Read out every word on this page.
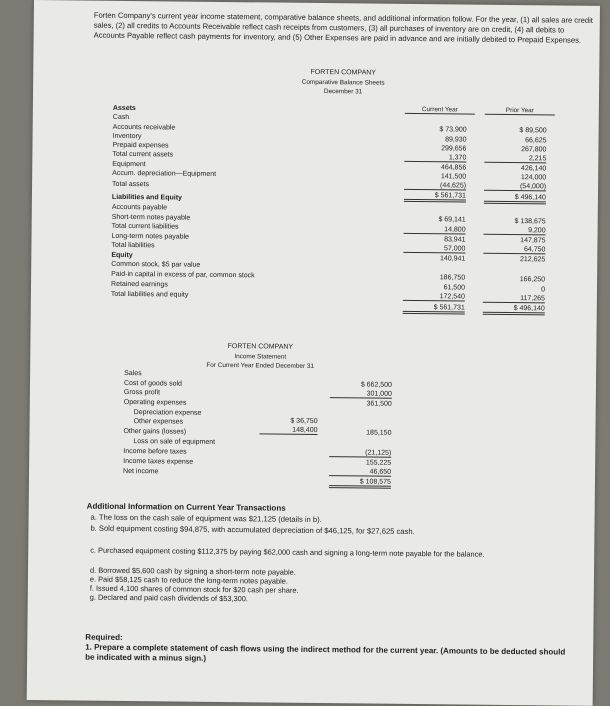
Forten Company's current year income statement, comparative balance sheets, and additional information follow. For the year, (1) all sales are credit sales, (2) all credits to Accounts Receivable reflect cash receipts from customers, (3) all purchases of inventory are on credit, (4) all debits to Accounts Payable reflect cash payments for inventory, and (5) Other Expenses are paid in advance and are initially debited to Prepaid Expenses.
FORTEN COMPANY
Comparative Balance Sheets
December 31
Current Year	Prior Year
Assets
Cash
$ 73,900	$ 89,500
Accounts receivable
89,930	66,625
Inventory
299,656	267,800
Prepaid expenses
1,370	2,215
Total current assets
464,856	426,140
Equipment
141,500	124,000
Accum. depreciation—Equipment
(44,625)	(54,000)
Total assets
$ 561,731	$ 496,140
Liabilities and Equity
Accounts payable
$ 69,141	$ 138,675
Short-term notes payable
14,800	9,200
Total current liabilities
83,941	147,875
Long-term notes payable
57,000	64,750
Total liabilities
140,941	212,625
Equity
Common stock, $5 par value
186,750	166,250
Paid-in capital in excess of par, common stock
61,500	0
Retained earnings
172,540	117,265
Total liabilities and equity
$ 561,731	$ 496,140
FORTEN COMPANY
Income Statement
For Current Year Ended December 31
Sales
$ 662,500
Cost of goods sold
301,000
Gross profit
361,500
Operating expenses
Depreciation expense
$ 36,750
Other expenses
148,400	185,150
Other gains (losses)
Loss on sale of equipment
(21,125)
Income before taxes
155,225
Income taxes expense
46,650
Net income
$ 108,575
Additional Information on Current Year Transactions
a. The loss on the cash sale of equipment was $21,125 (details in b).
b. Sold equipment costing $94,875, with accumulated depreciation of $46,125, for $27,625 cash.
c. Purchased equipment costing $112,375 by paying $62,000 cash and signing a long-term note payable for the balance.
d. Borrowed $5,600 cash by signing a short-term note payable.
e. Paid $58,125 cash to reduce the long-term notes payable.
f. Issued 4,100 shares of common stock for $20 cash per share.
g. Declared and paid cash dividends of $53,300.
Required:
1. Prepare a complete statement of cash flows using the indirect method for the current year. (Amounts to be deducted should be indicated with a minus sign.)
